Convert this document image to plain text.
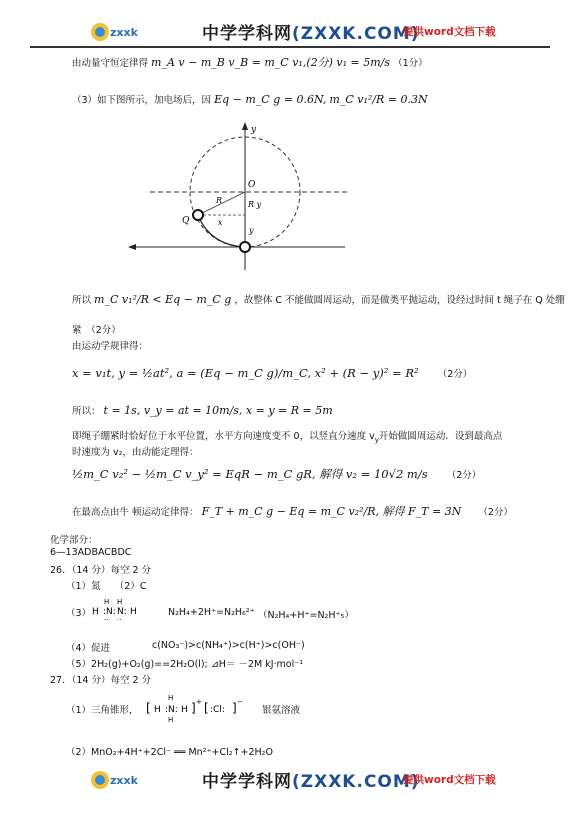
zxxk	中学学科网(ZXXK.COM)
提供word文档下载
由动量守恒定律得 m_A v − m_B v_B = m_C v₁,(2分) v₁ = 5m/s （1分）
（3）如下图所示，加电场后，因 Eq − m_C g = 0.6N, m_C v₁²/R = 0.3N
y
O
R
Q	x
R y
y
所以 m_C v₁²/R < Eq − m_C g ，故整体 C 不能做圆周运动，而是做类平抛运动，设经过时间 t 绳子在 Q 处绷
紧　（2分）
由运动学规律得：
x = v₁t, y = ½at², a = (Eq − m_C g)/m_C, x² + (R − y)² = R² （2分）
所以： t = 1s, v_y = at = 10m/s, x = y = R = 5m
即绳子绷紧时恰好位于水平位置，水平方向速度变不 0，以竖直分速度 $v_y$开始做圆周运动．设到最高点
时速度为 v₂，由动能定理得：
½m_C v₂² − ½m_C v_y² = EqR − m_C gR, 解得 v₂ = 10√2 m/s （2分）
在最高点由牛 顿运动定律得： F_T + m_C g − Eq = m_C v₂²/R, 解得 F_T = 3N （2分）
化学部分：
6—13ADBACBDC
26．（14 分）每空 2 分
（1）氮　　（2）C
（3） H
H
:N:
H
N: H
·· ··
N₂H₄+2H⁺=N₂H₆²⁺ （N₂H₄+H⁺=N₂H⁺₅）
（4）促进	c(NO₃⁻)>c(NH₄⁺)>c(H⁺)>c(OH⁻)
（5）2H₂(g)+O₂(g)==2H₂O(l); ⊿H＝ －2M kJ·mol⁻¹
27．（14 分）每空 2 分
（1）三角锥形， [ H
H
:N:
H
H ] + [ :Cl: ] −
银氨溶液
（2）MnO₂+4H⁺+2Cl⁻ ══ Mn²⁺+Cl₂↑+2H₂O
zxxk	中学学科网(ZXXK.COM)
提供word文档下载
